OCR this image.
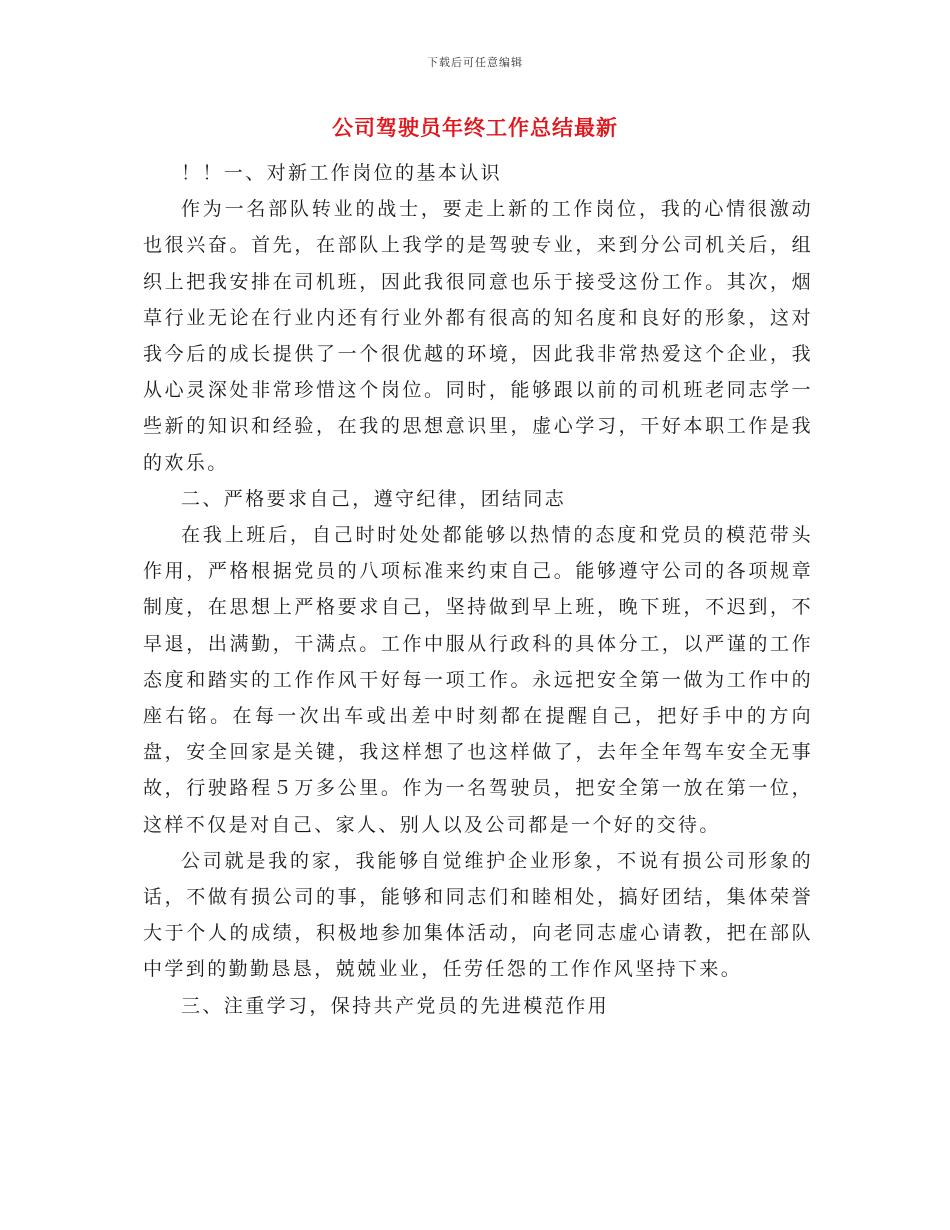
下载后可任意编辑
公司驾驶员年终工作总结最新

！！一、对新工作岗位的基本认识

作为一名部队转业的战士，要走上新的工作岗位，我的心情很激动也很兴奋。首先，在部队上我学的是驾驶专业，来到分公司机关后，组织上把我安排在司机班，因此我很同意也乐于接受这份工作。其次，烟草行业无论在行业内还有行业外都有很高的知名度和良好的形象，这对我今后的成长提供了一个很优越的环境，因此我非常热爱这个企业，我从心灵深处非常珍惜这个岗位。同时，能够跟以前的司机班老同志学一些新的知识和经验，在我的思想意识里，虚心学习，干好本职工作是我的欢乐。

二、严格要求自己，遵守纪律，团结同志

在我上班后，自己时时处处都能够以热情的态度和党员的模范带头作用，严格根据党员的八项标准来约束自己。能够遵守公司的各项规章制度，在思想上严格要求自己，坚持做到早上班，晚下班，不迟到，不早退，出满勤，干满点。工作中服从行政科的具体分工，以严谨的工作态度和踏实的工作作风干好每一项工作。永远把安全第一做为工作中的座右铭。在每一次出车或出差中时刻都在提醒自己，把好手中的方向盘，安全回家是关键，我这样想了也这样做了，去年全年驾车安全无事故，行驶路程５万多公里。作为一名驾驶员，把安全第一放在第一位，这样不仅是对自己、家人、别人以及公司都是一个好的交待。

公司就是我的家，我能够自觉维护企业形象，不说有损公司形象的话，不做有损公司的事，能够和同志们和睦相处，搞好团结，集体荣誉大于个人的成绩，积极地参加集体活动，向老同志虚心请教，把在部队中学到的勤勤恳恳，兢兢业业，任劳任怨的工作作风坚持下来。

三、注重学习，保持共产党员的先进模范作用
